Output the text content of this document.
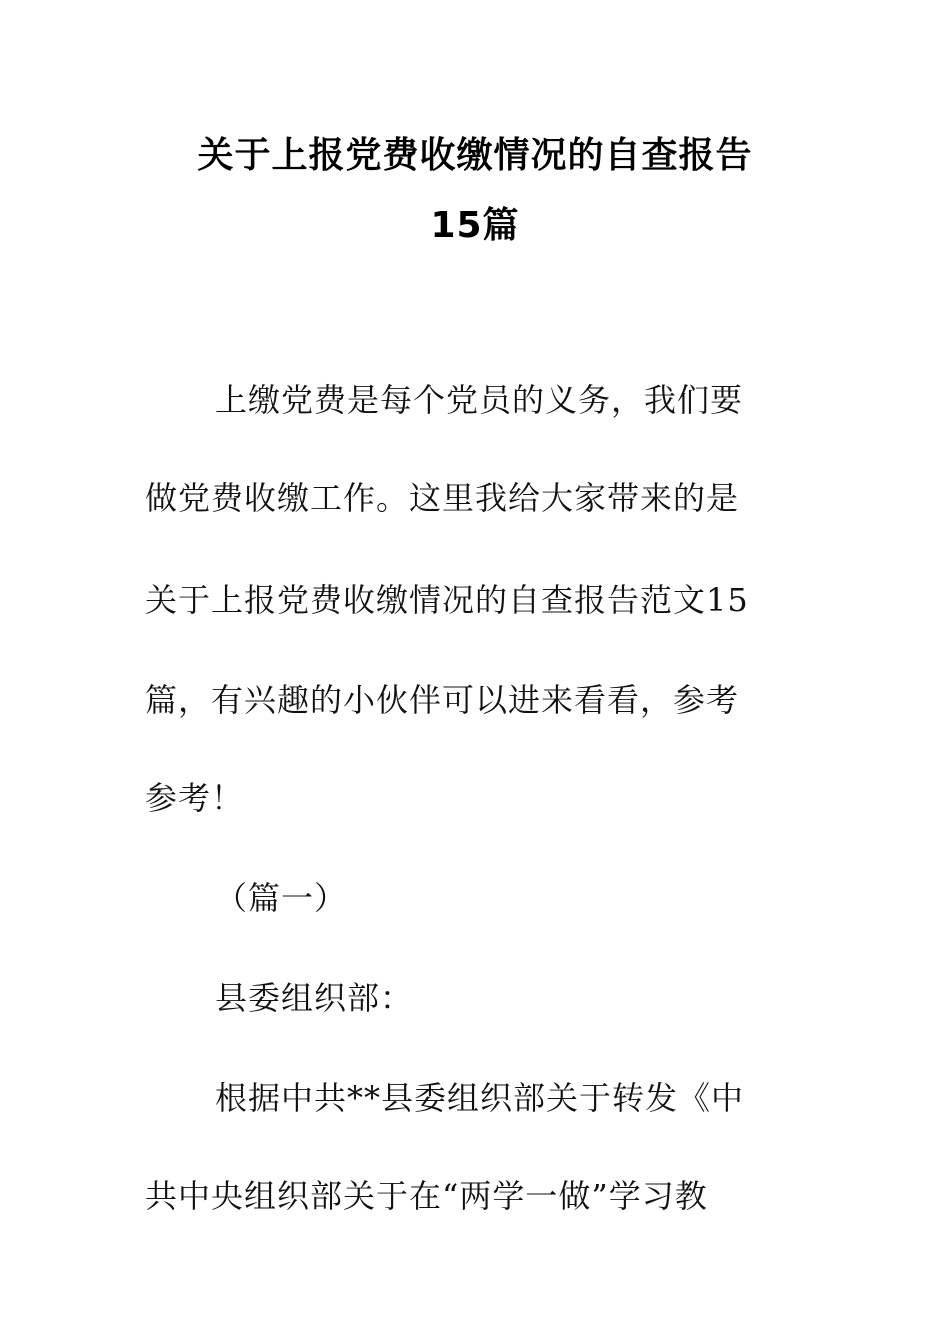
关于上报党费收缴情况的自查报告
15篇
上缴党费是每个党员的义务，我们要
做党费收缴工作。这里我给大家带来的是
关于上报党费收缴情况的自查报告范文15
篇，有兴趣的小伙伴可以进来看看，参考
参考！
（篇一）
县委组织部：
根据中共**县委组织部关于转发《中
共中央组织部关于在“两学一做”学习教
